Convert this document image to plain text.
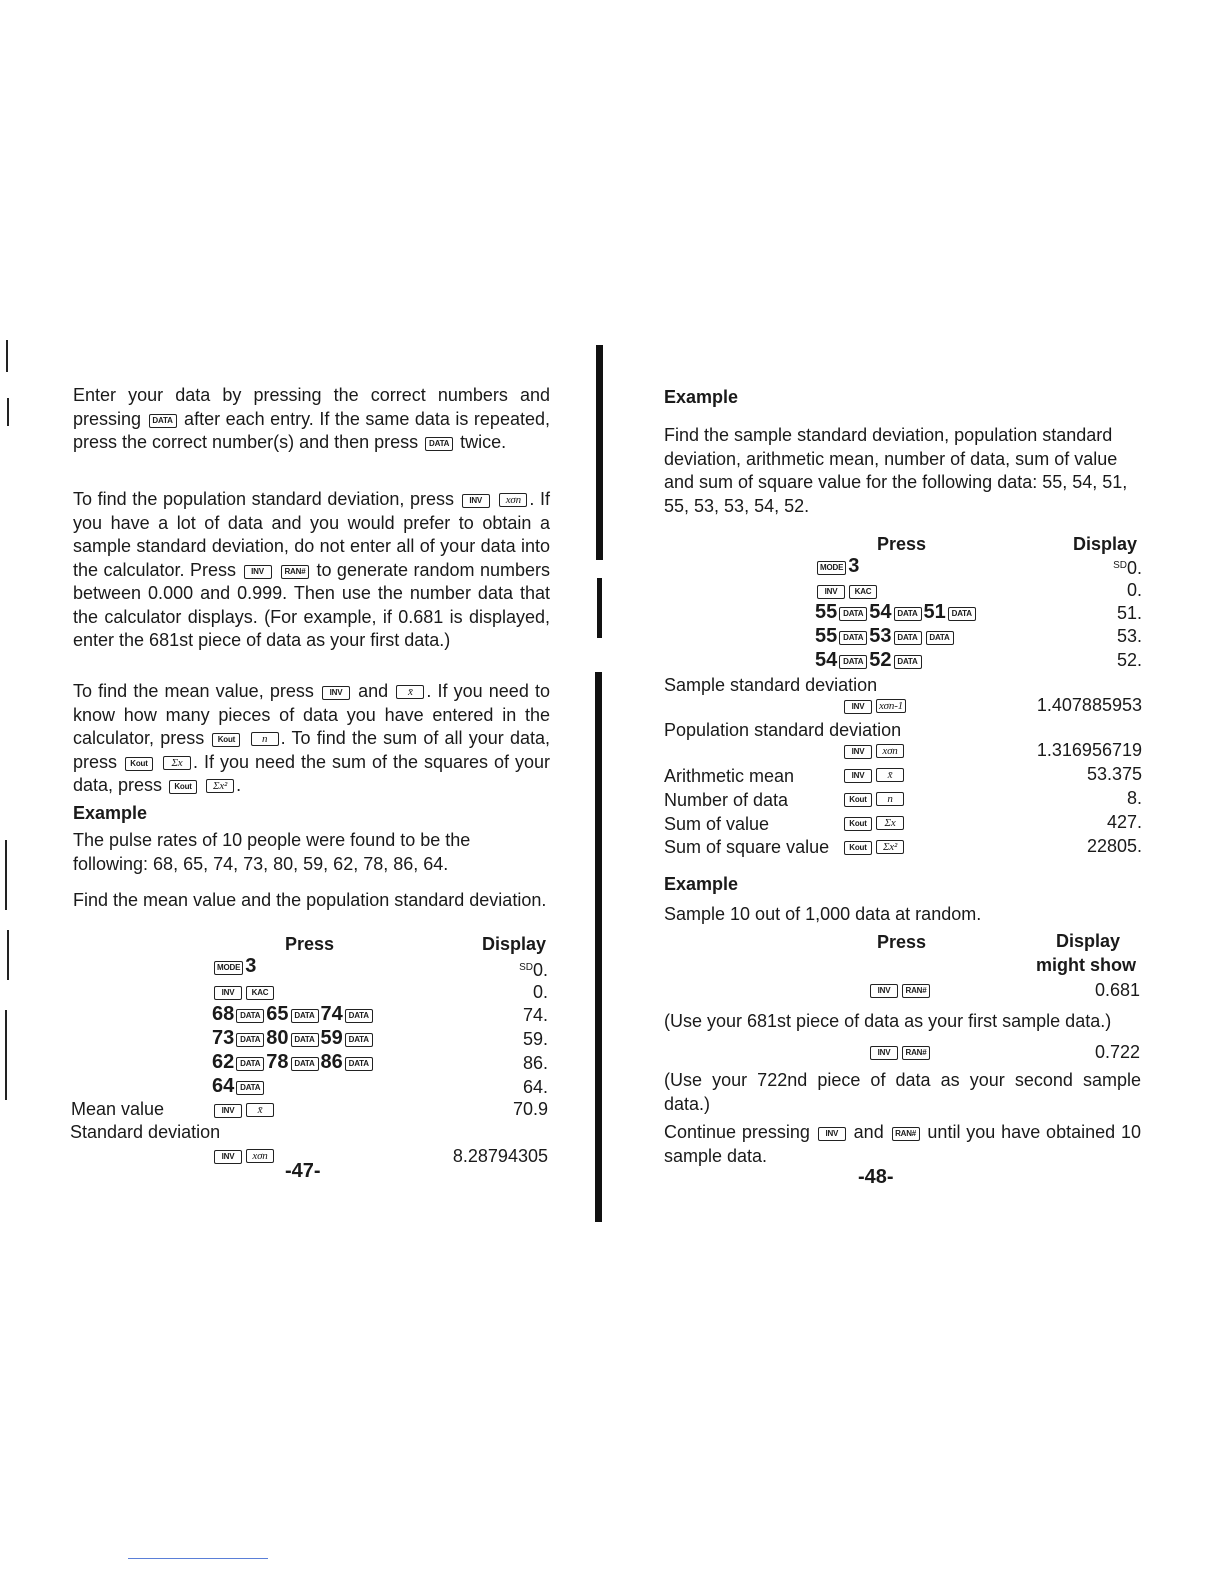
Enter your data by pressing the correct numbers and pressing DATA after each entry. If the same data is repeated, press the correct number(s) and then press DATA twice.
To find the population standard deviation, press INV xσn . If you have a lot of data and you would prefer to obtain a sample standard deviation, do not enter all of your data into the calculator. Press INV	RAN# to generate random numbers between 0.000 and 0.999. Then use the number data that the calculator displays. (For example, if 0.681 is displayed, enter the 681st piece of data as your first data.)
To find the mean value, press INV and x̄ . If you need to know how many pieces of data you have entered in the calculator, press Kout n . To find the sum of all your data, press Kout Σx . If you need the sum of the squares of your data, press Kout Σx² .
Example
The pulse rates of 10 people were found to be the following: 68, 65, 74, 73, 80, 59, 62, 78, 86, 64.
Find the mean value and the population standard deviation.
Press	Display
MODE 3	$^{SD}$0.
INV KAC	0.
68 DATA 65 DATA 74 DATA	74.
73 DATA 80 DATA 59 DATA	59.
62 DATA 78 DATA 86 DATA	86.
64 DATA	64.
Mean value	INV x̄	70.9
Standard deviation
INV xσn	8.28794305
-47-
Example
Find the sample standard deviation, population standard deviation, arithmetic mean, number of data, sum of value and sum of square value for the following data: 55, 54, 51, 55, 53, 53, 54, 52.
Press	Display
MODE 3	$^{SD}$0.
INV KAC	0.
55 DATA 54 DATA 51 DATA	51.
55 DATA 53 DATA DATA	53.
54 DATA 52 DATA	52.
Sample standard deviation
INV xσn-1	1.407885953
Population standard deviation
INV xσn	1.316956719
Arithmetic mean	INV x̄	53.375
Number of data	Kout n	8.
Sum of value	Kout Σx	427.
Sum of square value	Kout Σx²	22805.
Example
Sample 10 out of 1,000 data at random.
Press	Display
might show
INV RAN#	0.681
(Use your 681st piece of data as your first sample data.)
INV RAN#	0.722
(Use your 722nd piece of data as your second sample data.)
Continue pressing INV and RAN# until you have obtained 10 sample data.
-48-
